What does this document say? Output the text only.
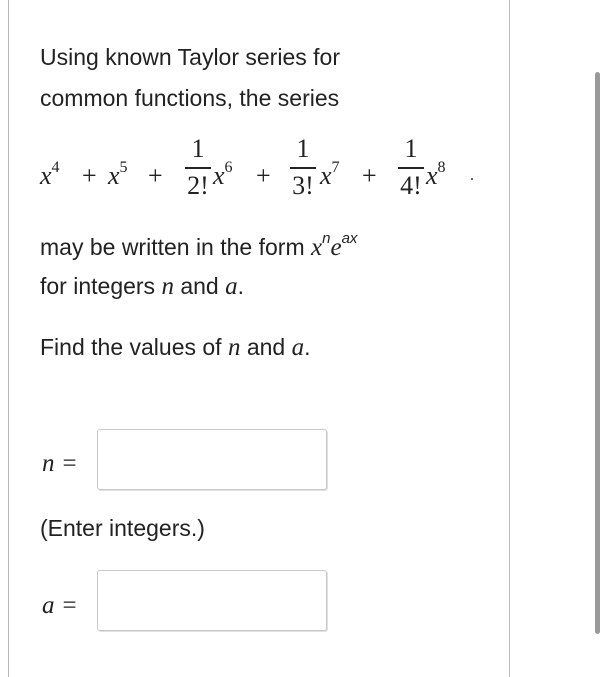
Using known Taylor series for
common functions, the series
$x^4 + x^5$ +
1
2! $x^6$ +
1
3! $x^7$ +
1
4! $x^8$ .
may be written in the form $x^ne^{ax}$
for integers n and a.
Find the values of n and a.
n =
(Enter integers.)
a =
